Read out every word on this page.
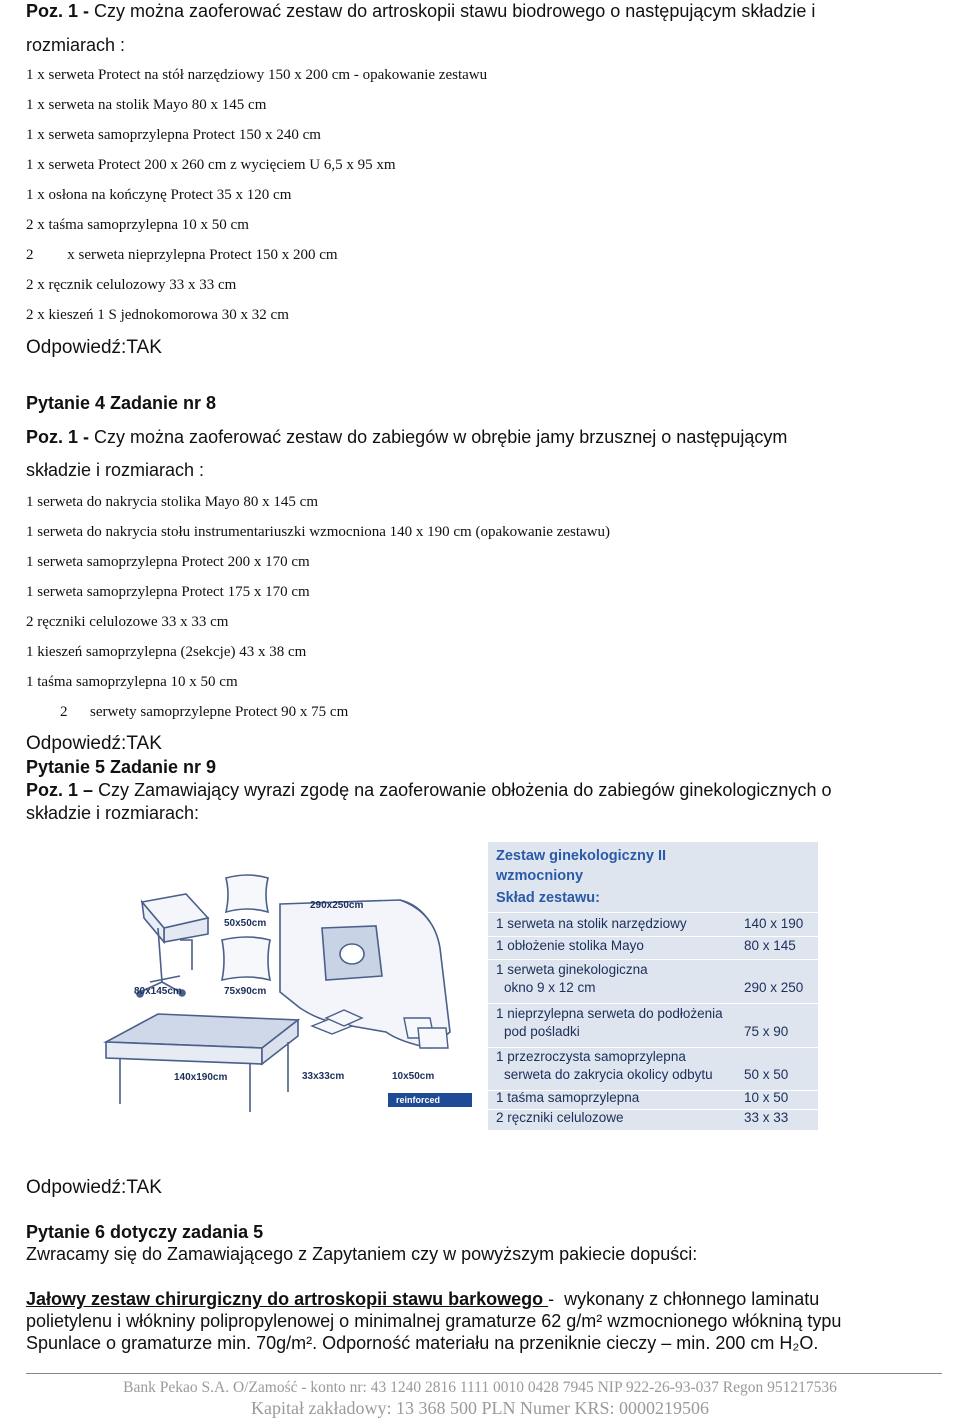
Poz. 1 - Czy można zaoferować zestaw do artroskopii stawu biodrowego o następującym składzie i
rozmiarach :
1 x serweta Protect na stół narzędziowy 150 x 200 cm - opakowanie zestawu
1 x serweta na stolik Mayo 80 x 145 cm
1 x serweta samoprzylepna Protect 150 x 240 cm
1 x serweta Protect 200 x 260 cm z wycięciem U 6,5 x 95 xm
1 x osłona na kończynę Protect 35 x 120 cm
2 x taśma samoprzylepna 10 x 50 cm
2         x serweta nieprzylepna Protect 150 x 200 cm
2 x ręcznik celulozowy 33 x 33 cm
2 x kieszeń 1 S jednokomorowa 30 x 32 cm
Odpowiedź:TAK
Pytanie 4 Zadanie nr 8
Poz. 1 - Czy można zaoferować zestaw do zabiegów w obrębie jamy brzusznej o następującym
składzie i rozmiarach :
1 serweta do nakrycia stolika Mayo 80 x 145 cm
1 serweta do nakrycia stołu instrumentariuszki wzmocniona 140 x 190 cm (opakowanie zestawu)
1 serweta samoprzylepna Protect 200 x 170 cm
1 serweta samoprzylepna Protect 175 x 170 cm
2 ręczniki celulozowe 33 x 33 cm
1 kieszeń samoprzylepna (2sekcje) 43 x 38 cm
1 taśma samoprzylepna 10 x 50 cm
2      serwety samoprzylepne Protect 90 x 75 cm
Odpowiedź:TAK
Pytanie 5 Zadanie nr 9
Poz. 1 – Czy Zamawiający wyrazi zgodę na zaoferowanie obłożenia do zabiegów ginekologicznych o
składzie i rozmiarach:
290x250cm
50x50cm
80x145cm	75x90cm
140x190cm	33x33cm	10x50cm
reinforced
Zestaw ginekologiczny II
wzmocniony
Skład zestawu:
1 serweta na stolik narzędziowy	140 x 190
1 obłożenie stolika Mayo	80 x 145
1 serweta ginekologiczna
okno 9 x 12 cm	290 x 250
1 nieprzylepna serweta do podłożenia
pod pośladki	75 x 90
1 przezroczysta samoprzylepna
serweta do zakrycia okolicy odbytu 50 x 50
1 taśma samoprzylepna	10 x 50
2 ręczniki celulozowe	33 x 33
Odpowiedź:TAK
Pytanie 6 dotyczy zadania 5
Zwracamy się do Zamawiającego z Zapytaniem czy w powyższym pakiecie dopuści:
Jałowy zestaw chirurgiczny do artroskopii stawu barkowego -  wykonany z chłonnego laminatu
polietylenu i włókniny polipropylenowej o minimalnej gramaturze 62 g/m² wzmocnionego włókniną typu
Spunlace o gramaturze min. 70g/m². Odporność materiału na przeniknie cieczy – min. 200 cm H₂O.
Bank Pekao S.A. O/Zamość - konto nr: 43 1240 2816 1111 0010 0428 7945 NIP 922-26-93-037 Regon 951217536
Kapitał zakładowy: 13 368 500 PLN Numer KRS: 0000219506
